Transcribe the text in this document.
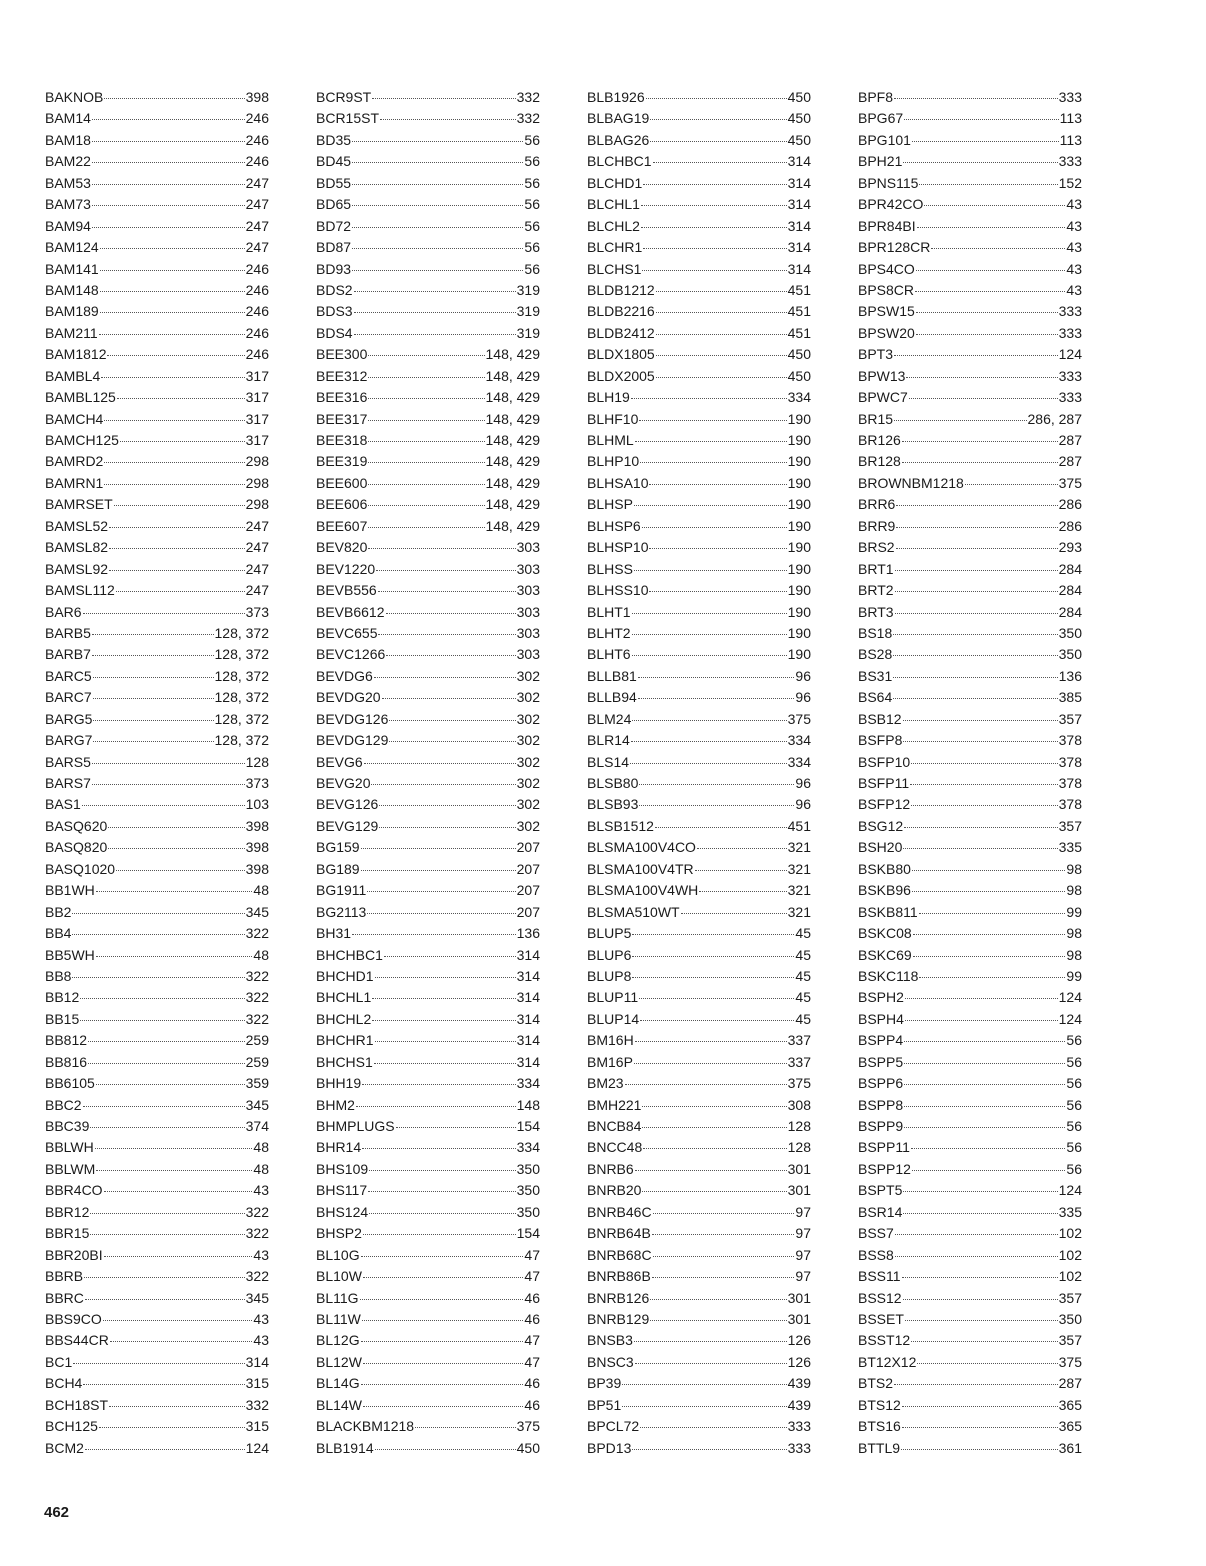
BAKNOB	398
BAM14	246
BAM18	246
BAM22	246
BAM53	247
BAM73	247
BAM94	247
BAM124	247
BAM141	246
BAM148	246
BAM189	246
BAM211	246
BAM1812	246
BAMBL4	317
BAMBL125	317
BAMCH4	317
BAMCH125	317
BAMRD2	298
BAMRN1	298
BAMRSET	298
BAMSL52	247
BAMSL82	247
BAMSL92	247
BAMSL112	247
BAR6	373
BARB5	128, 372
BARB7	128, 372
BARC5	128, 372
BARC7	128, 372
BARG5	128, 372
BARG7	128, 372
BARS5	128
BARS7	373
BAS1	103
BASQ620	398
BASQ820	398
BASQ1020	398
BB1WH	48
BB2	345
BB4	322
BB5WH	48
BB8	322
BB12	322
BB15	322
BB812	259
BB816	259
BB6105	359
BBC2	345
BBC39	374
BBLWH	48
BBLWM	48
BBR4CO	43
BBR12	322
BBR15	322
BBR20BI	43
BBRB	322
BBRC	345
BBS9CO	43
BBS44CR	43
BC1	314
BCH4	315
BCH18ST	332
BCH125	315
BCM2	124
BCR9ST	332
BCR15ST	332
BD35	56
BD45	56
BD55	56
BD65	56
BD72	56
BD87	56
BD93	56
BDS2	319
BDS3	319
BDS4	319
BEE300	148, 429
BEE312	148, 429
BEE316	148, 429
BEE317	148, 429
BEE318	148, 429
BEE319	148, 429
BEE600	148, 429
BEE606	148, 429
BEE607	148, 429
BEV820	303
BEV1220	303
BEVB556	303
BEVB6612	303
BEVC655	303
BEVC1266	303
BEVDG6	302
BEVDG20	302
BEVDG126	302
BEVDG129	302
BEVG6	302
BEVG20	302
BEVG126	302
BEVG129	302
BG159	207
BG189	207
BG1911	207
BG2113	207
BH31	136
BHCHBC1	314
BHCHD1	314
BHCHL1	314
BHCHL2	314
BHCHR1	314
BHCHS1	314
BHH19	334
BHM2	148
BHMPLUGS	154
BHR14	334
BHS109	350
BHS117	350
BHS124	350
BHSP2	154
BL10G	47
BL10W	47
BL11G	46
BL11W	46
BL12G	47
BL12W	47
BL14G	46
BL14W	46
BLACKBM1218	375
BLB1914	450
BLB1926	450
BLBAG19	450
BLBAG26	450
BLCHBC1	314
BLCHD1	314
BLCHL1	314
BLCHL2	314
BLCHR1	314
BLCHS1	314
BLDB1212	451
BLDB2216	451
BLDB2412	451
BLDX1805	450
BLDX2005	450
BLH19	334
BLHF10	190
BLHML	190
BLHP10	190
BLHSA10	190
BLHSP	190
BLHSP6	190
BLHSP10	190
BLHSS	190
BLHSS10	190
BLHT1	190
BLHT2	190
BLHT6	190
BLLB81	96
BLLB94	96
BLM24	375
BLR14	334
BLS14	334
BLSB80	96
BLSB93	96
BLSB1512	451
BLSMA100V4CO	321
BLSMA100V4TR	321
BLSMA100V4WH	321
BLSMA510WT	321
BLUP5	45
BLUP6	45
BLUP8	45
BLUP11	45
BLUP14	45
BM16H	337
BM16P	337
BM23	375
BMH221	308
BNCB84	128
BNCC48	128
BNRB6	301
BNRB20	301
BNRB46C	97
BNRB64B	97
BNRB68C	97
BNRB86B	97
BNRB126	301
BNRB129	301
BNSB3	126
BNSC3	126
BP39	439
BP51	439
BPCL72	333
BPD13	333
BPF8	333
BPG67	113
BPG101	113
BPH21	333
BPNS115	152
BPR42CO	43
BPR84BI	43
BPR128CR	43
BPS4CO	43
BPS8CR	43
BPSW15	333
BPSW20	333
BPT3	124
BPW13	333
BPWC7	333
BR15	286, 287
BR126	287
BR128	287
BROWNBM1218	375
BRR6	286
BRR9	286
BRS2	293
BRT1	284
BRT2	284
BRT3	284
BS18	350
BS28	350
BS31	136
BS64	385
BSB12	357
BSFP8	378
BSFP10	378
BSFP11	378
BSFP12	378
BSG12	357
BSH20	335
BSKB80	98
BSKB96	98
BSKB811	99
BSKC08	98
BSKC69	98
BSKC118	99
BSPH2	124
BSPH4	124
BSPP4	56
BSPP5	56
BSPP6	56
BSPP8	56
BSPP9	56
BSPP11	56
BSPP12	56
BSPT5	124
BSR14	335
BSS7	102
BSS8	102
BSS11	102
BSS12	357
BSSET	350
BSST12	357
BT12X12	375
BTS2	287
BTS12	365
BTS16	365
BTTL9	361
462
